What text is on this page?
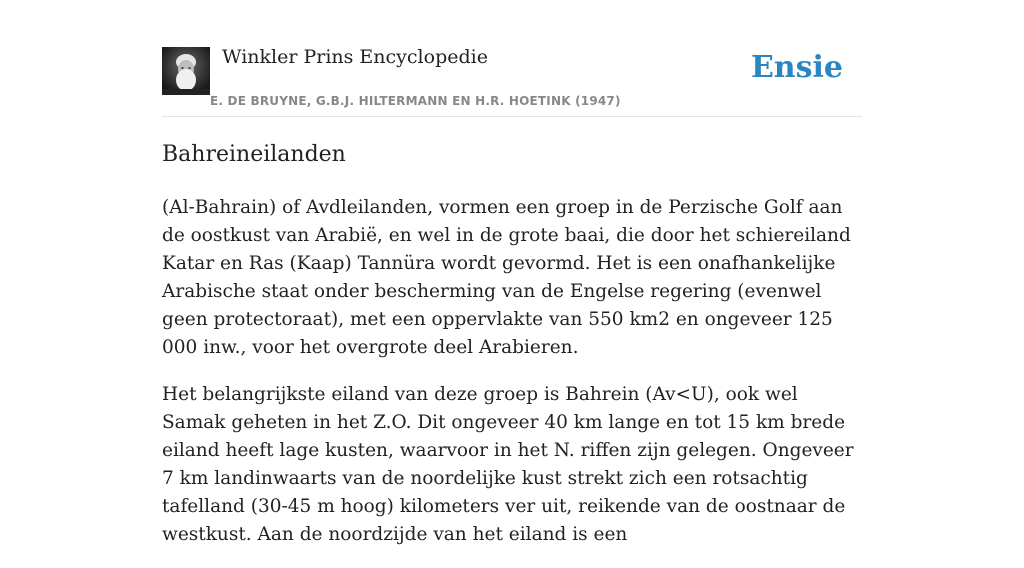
Winkler Prins Encyclopedie
E. DE BRUYNE, G.B.J. HILTERMANN EN H.R. HOETINK (1947)
Ensie
Bahreineilanden

(Al-Bahrain) of Avdleilanden, vormen een groep in de Perzische Golf aan de oostkust van Arabië, en wel in de grote baai, die door het schiereiland Katar en Ras (Kaap) Tannüra wordt gevormd. Het is een onafhankelijke Arabische staat onder bescherming van de Engelse regering (evenwel geen protectoraat), met een oppervlakte van 550 km2 en ongeveer 125 000 inw., voor het overgrote deel Arabieren.

Het belangrijkste eiland van deze groep is Bahrein (Av<U), ook wel Samak geheten in het Z.O. Dit ongeveer 40 km lange en tot 15 km brede eiland heeft lage kusten, waarvoor in het N. riffen zijn gelegen. Ongeveer 7 km landinwaarts van de noordelijke kust strekt zich een rotsachtig tafelland (30-45 m hoog) kilometers ver uit, reikende van de oostnaar de westkust. Aan de noordzijde van het eiland is een
